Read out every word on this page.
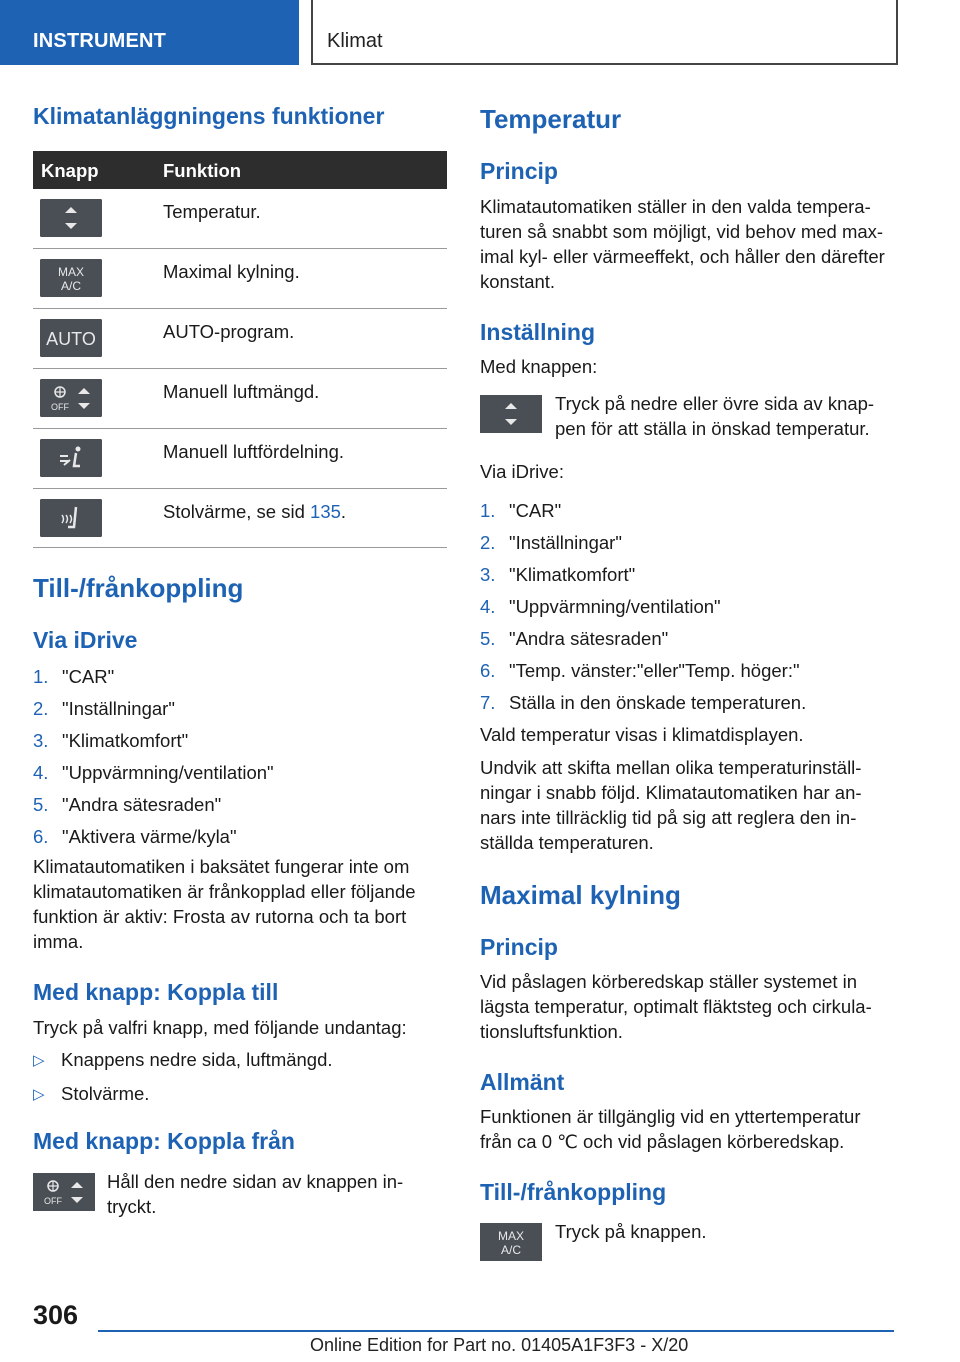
INSTRUMENT	Klimat
Klimatanläggningens funktioner
Knapp	Funktion
Temperatur.
MAX
A/C
Maximal kylning.
AUTO	AUTO-program.
OFF
Manuell luftmängd.
Manuell luftfördelning.
Stolvärme, se sid 135.
Till-/frånkoppling
Via iDrive
1. "CAR"
2. "Inställningar"
3. "Klimatkomfort"
4. "Uppvärmning/ventilation"
5. "Andra sätesraden"
6. "Aktivera värme/kyla"
Klimatautomatiken i baksätet fungerar inte om
klimatautomatiken är frånkopplad eller följande
funktion är aktiv: Frosta av rutorna och ta bort
imma.
Med knapp: Koppla till
Tryck på valfri knapp, med följande undantag:
▷ Knappens nedre sida, luftmängd.
▷ Stolvärme.
Med knapp: Koppla från
OFF
Håll den nedre sidan av knappen in-
tryckt.
Temperatur
Princip
Klimatautomatiken ställer in den valda tempera-
turen så snabbt som möjligt, vid behov med max-
imal kyl- eller värmeeffekt, och håller den därefter
konstant.
Inställning
Med knappen:
Tryck på nedre eller övre sida av knap-
pen för att ställa in önskad temperatur.
Via iDrive:
1. "CAR"
2. "Inställningar"
3. "Klimatkomfort"
4. "Uppvärmning/ventilation"
5. "Andra sätesraden"
6. "Temp. vänster:"eller"Temp. höger:"
7. Ställa in den önskade temperaturen.
Vald temperatur visas i klimatdisplayen.
Undvik att skifta mellan olika temperaturinställ-
ningar i snabb följd. Klimatautomatiken har an-
nars inte tillräcklig tid på sig att reglera den in-
ställda temperaturen.
Maximal kylning
Princip
Vid påslagen körberedskap ställer systemet in
lägsta temperatur, optimalt fläktsteg och cirkula-
tionsluftsfunktion.
Allmänt
Funktionen är tillgänglig vid en yttertemperatur
från ca 0 ℃ och vid påslagen körberedskap.
Till-/frånkoppling
MAX
A/C
Tryck på knappen.
306
Online Edition for Part no. 01405A1F3F3 - X/20
